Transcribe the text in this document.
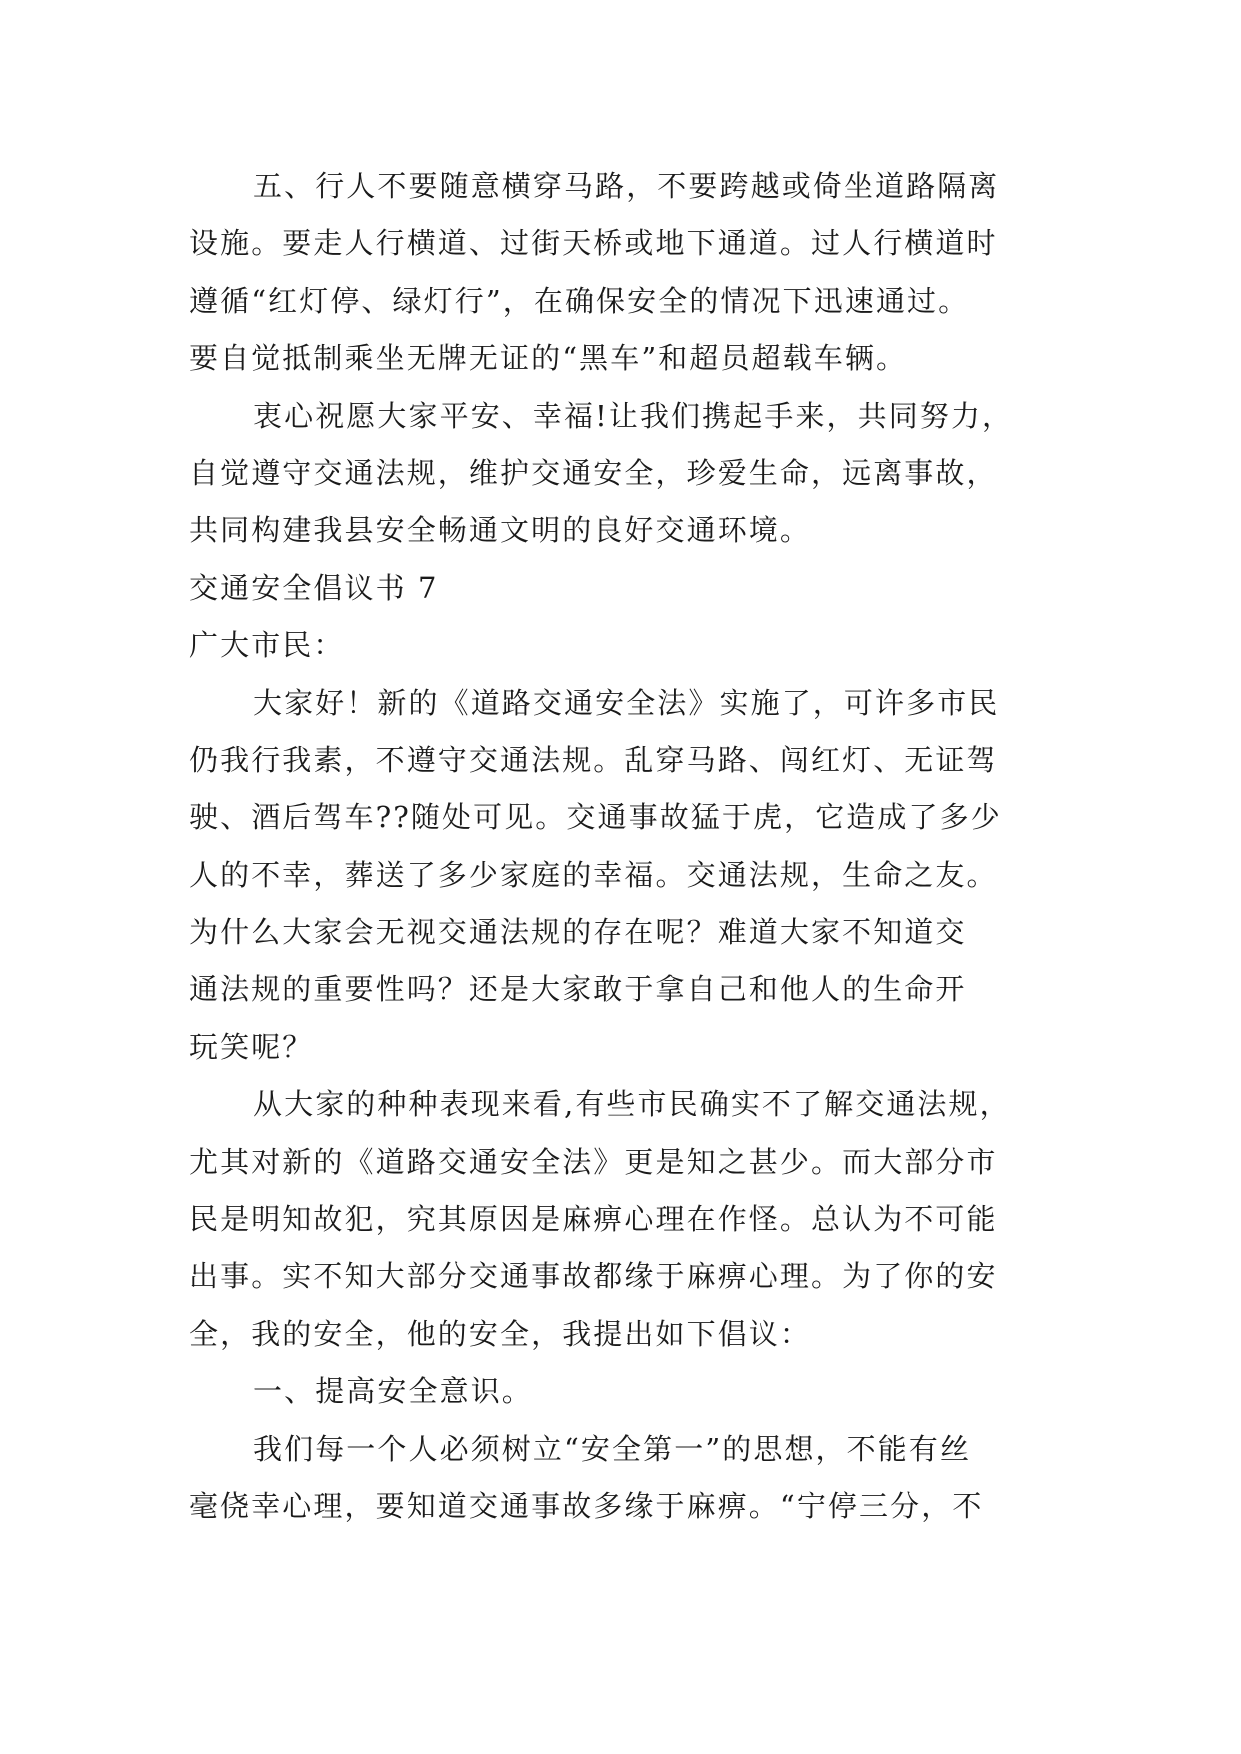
五、行人不要随意横穿马路，不要跨越或倚坐道路隔离
设施。要走人行横道、过街天桥或地下通道。过人行横道时
遵循“红灯停、绿灯行”，在确保安全的情况下迅速通过。
要自觉抵制乘坐无牌无证的“黑车”和超员超载车辆。
衷心祝愿大家平安、幸福!让我们携起手来，共同努力，
自觉遵守交通法规，维护交通安全，珍爱生命，远离事故，
共同构建我县安全畅通文明的良好交通环境。
交通安全倡议书 7
广大市民：
大家好！新的《道路交通安全法》实施了，可许多市民
仍我行我素，不遵守交通法规。乱穿马路、闯红灯、无证驾
驶、酒后驾车??随处可见。交通事故猛于虎，它造成了多少
人的不幸，葬送了多少家庭的幸福。交通法规，生命之友。
为什么大家会无视交通法规的存在呢？难道大家不知道交
通法规的重要性吗？还是大家敢于拿自己和他人的生命开
玩笑呢？
从大家的种种表现来看,有些市民确实不了解交通法规，
尤其对新的《道路交通安全法》更是知之甚少。而大部分市
民是明知故犯，究其原因是麻痹心理在作怪。总认为不可能
出事。实不知大部分交通事故都缘于麻痹心理。为了你的安
全，我的安全，他的安全，我提出如下倡议：
一、提高安全意识。
我们每一个人必须树立“安全第一”的思想，不能有丝
毫侥幸心理，要知道交通事故多缘于麻痹。“宁停三分，不
